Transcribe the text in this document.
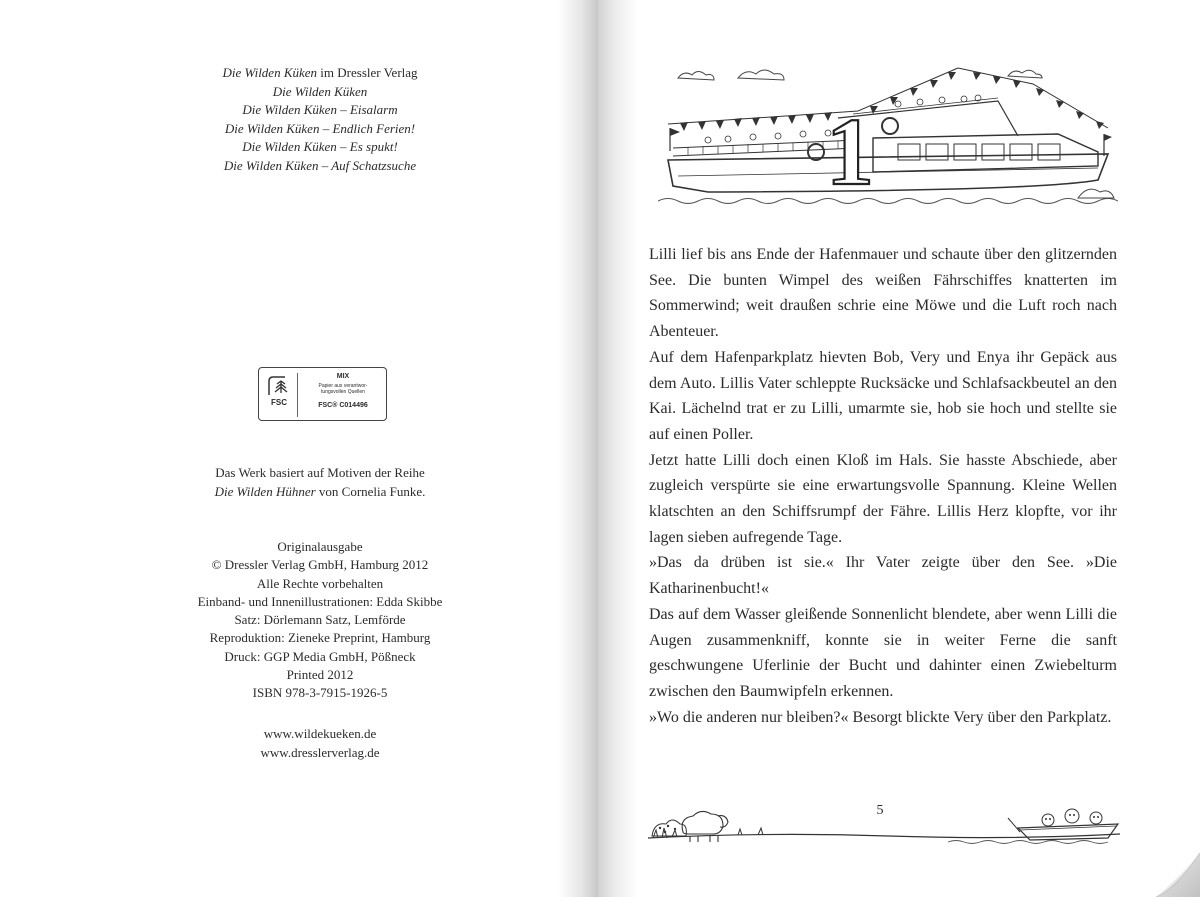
Die Wilden Küken im Dressler Verlag
Die Wilden Küken
Die Wilden Küken – Eisalarm
Die Wilden Küken – Endlich Ferien!
Die Wilden Küken – Es spukt!
Die Wilden Küken – Auf Schatzsuche
FSC
MIX
Papier aus verantwor-
tungsvollen Quellen
FSC® C014496
Das Werk basiert auf Motiven der Reihe
Die Wilden Hühner von Cornelia Funke.
Originalausgabe
© Dressler Verlag GmbH, Hamburg 2012
Alle Rechte vorbehalten
Einband- und Innenillustrationen: Edda Skibbe
Satz: Dörlemann Satz, Lemförde
Reproduktion: Zieneke Preprint, Hamburg
Druck: GGP Media GmbH, Pößneck
Printed 2012
ISBN 978-3-7915-1926-5
www.wildekueken.de
www.dresslerverlag.de
1

Lilli lief bis ans Ende der Hafenmauer und schaute über den glitzernden See. Die bunten Wimpel des weißen Fährschiffes knatterten im Sommerwind; weit draußen schrie eine Möwe und die Luft roch nach Abenteuer.

Auf dem Hafenparkplatz hievten Bob, Very und Enya ihr Gepäck aus dem Auto. Lillis Vater schleppte Rucksäcke und Schlafsackbeutel an den Kai. Lächelnd trat er zu Lilli, umarmte sie, hob sie hoch und stellte sie auf einen Poller.

Jetzt hatte Lilli doch einen Kloß im Hals. Sie hasste Abschiede, aber zugleich verspürte sie eine erwartungsvolle Spannung. Kleine Wellen klatschten an den Schiffsrumpf der Fähre. Lillis Herz klopfte, vor ihr lagen sieben aufregende Tage.

»Das da drüben ist sie.« Ihr Vater zeigte über den See. »Die Katharinenbucht!«

Das auf dem Wasser gleißende Sonnenlicht blendete, aber wenn Lilli die Augen zusammenkniff, konnte sie in weiter Ferne die sanft geschwungene Uferlinie der Bucht und dahinter einen Zwiebelturm zwischen den Baumwipfeln erkennen.

»Wo die anderen nur bleiben?« Besorgt blickte Very über den Parkplatz.

5
